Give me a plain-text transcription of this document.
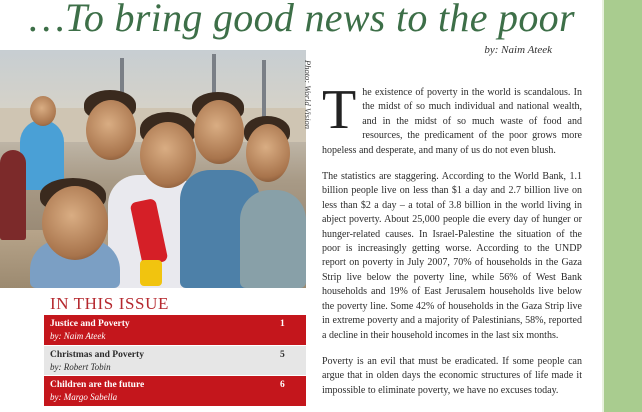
…To bring good news to the poor
by: Naim Ateek
Photo: World Vision
IN THIS ISSUE
Justice and Poverty
by: Naim Ateek
1
Christmas and Poverty
by: Robert Tobin
5
Children are the future
by: Margo Sabella
6

The existence of poverty in the world is scandalous. In the midst of so much individual and national wealth, and in the midst of so much waste of food and resources, the predicament of the poor grows more hopeless and desperate, and many of us do not even blush.

The statistics are staggering. According to the World Bank, 1.1 billion people live on less than $1 a day and 2.7 billion live on less than $2 a day – a total of 3.8 billion in the world living in abject poverty. About 25,000 people die every day of hunger or hunger-related causes. In Israel-Palestine the situation of the poor is increasingly getting worse. According to the UNDP report on poverty in July 2007, 70% of households in the Gaza Strip live below the poverty line, while 56% of West Bank households and 19% of East Jerusalem households live below the poverty line. Some 42% of households in the Gaza Strip live in extreme poverty and a majority of Palestinians, 58%, reported a decline in their household incomes in the last six months.

Poverty is an evil that must be eradicated. If some people can argue that in olden days the economic structures of life made it impossible to eliminate poverty, we have no excuses today.
